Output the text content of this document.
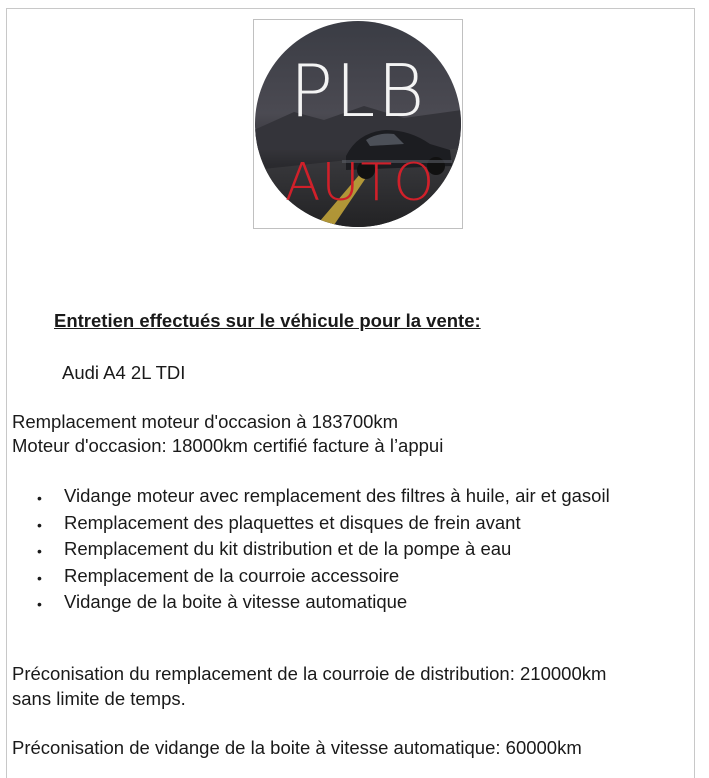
PLB
AUTO
Entretien effectués sur le véhicule pour la vente:
Audi A4 2L TDI
Remplacement moteur d'occasion à 183700km
Moteur d'occasion: 18000km certifié facture à l’appui
• Vidange moteur avec remplacement des filtres à huile, air et gasoil
• Remplacement des plaquettes et disques de frein avant
• Remplacement du kit distribution et de la pompe à eau
• Remplacement de la courroie accessoire
• Vidange de la boite à vitesse automatique
Préconisation du remplacement de la courroie de distribution: 210000km
sans limite de temps.
Préconisation de vidange de la boite à vitesse automatique: 60000km
